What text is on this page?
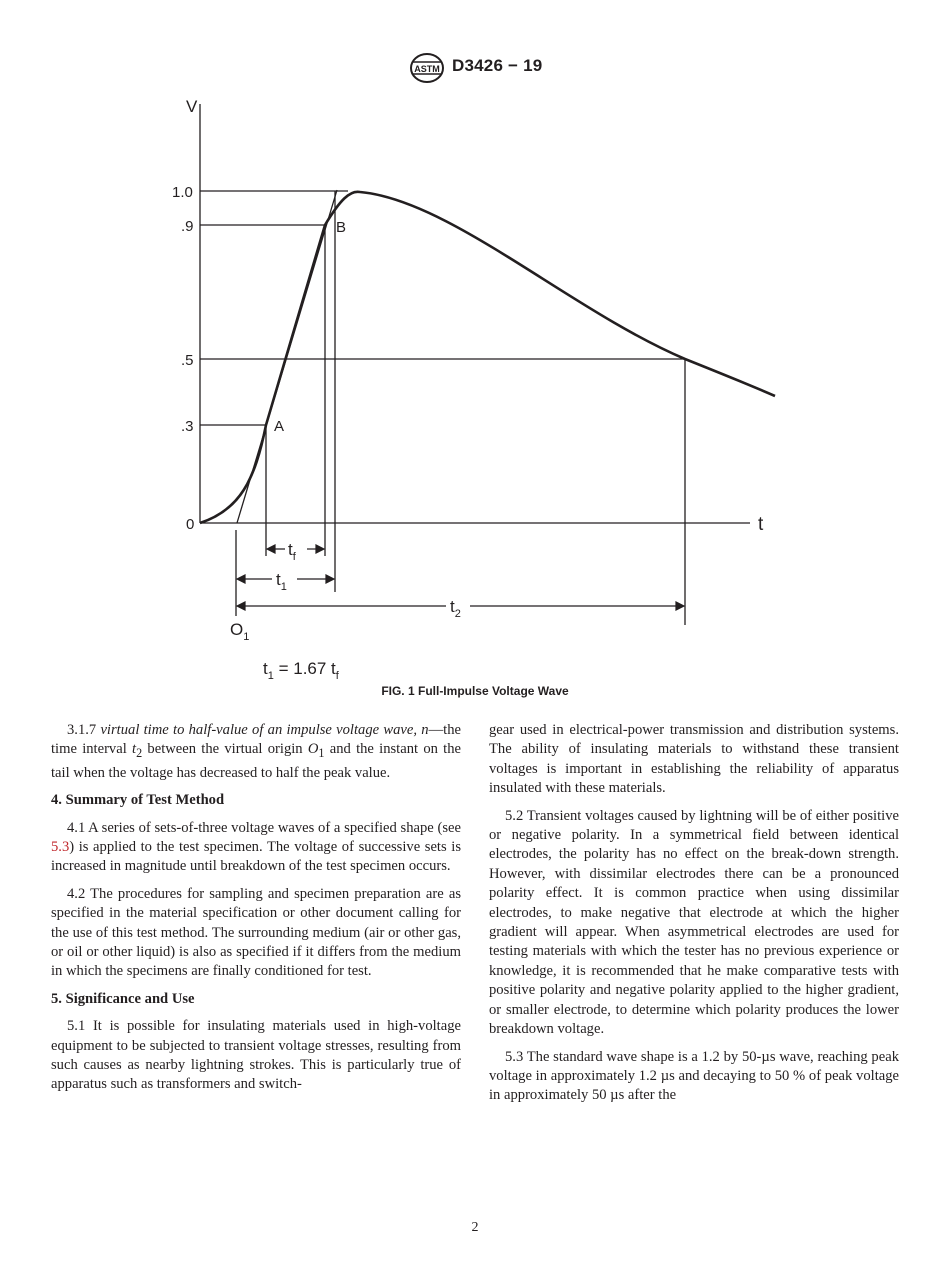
ASTM D3426 − 19
V
t
0
1.0
.9
.5
.3	A
B
$t_f$
$t_1$
$t_2$
$O_1$
$t_1 = 1.67$ $t_f$
FIG. 1 Full-Impulse Voltage Wave

3.1.7 virtual time to half-value of an impulse voltage wave, n—the time interval $t_2$ between the virtual origin $O_1$ and the instant on the tail when the voltage has decreased to half the peak value.

4. Summary of Test Method

4.1 A series of sets-of-three voltage waves of a specified shape (see 5.3) is applied to the test specimen. The voltage of successive sets is increased in magnitude until breakdown of the test specimen occurs.

4.2 The procedures for sampling and specimen preparation are as specified in the material specification or other document calling for the use of this test method. The surrounding medium (air or other gas, or oil or other liquid) is also as specified if it differs from the medium in which the specimens are finally conditioned for test.

5. Significance and Use

5.1 It is possible for insulating materials used in high-voltage equipment to be subjected to transient voltage stresses, resulting from such causes as nearby lightning strokes. This is particularly true of apparatus such as transformers and switch-

gear used in electrical-power transmission and distribution systems. The ability of insulating materials to withstand these transient voltages is important in establishing the reliability of apparatus insulated with these materials.

5.2 Transient voltages caused by lightning will be of either positive or negative polarity. In a symmetrical field between identical electrodes, the polarity has no effect on the break-down strength. However, with dissimilar electrodes there can be a pronounced polarity effect. It is common practice when using dissimilar electrodes, to make negative that electrode at which the higher gradient will appear. When asymmetrical electrodes are used for testing materials with which the tester has no previous experience or knowledge, it is recommended that he make comparative tests with positive polarity and negative polarity applied to the higher gradient, or smaller electrode, to determine which polarity produces the lower breakdown voltage.

5.3 The standard wave shape is a 1.2 by 50-µs wave, reaching peak voltage in approximately 1.2 µs and decaying to 50 % of peak voltage in approximately 50 µs after the

2
